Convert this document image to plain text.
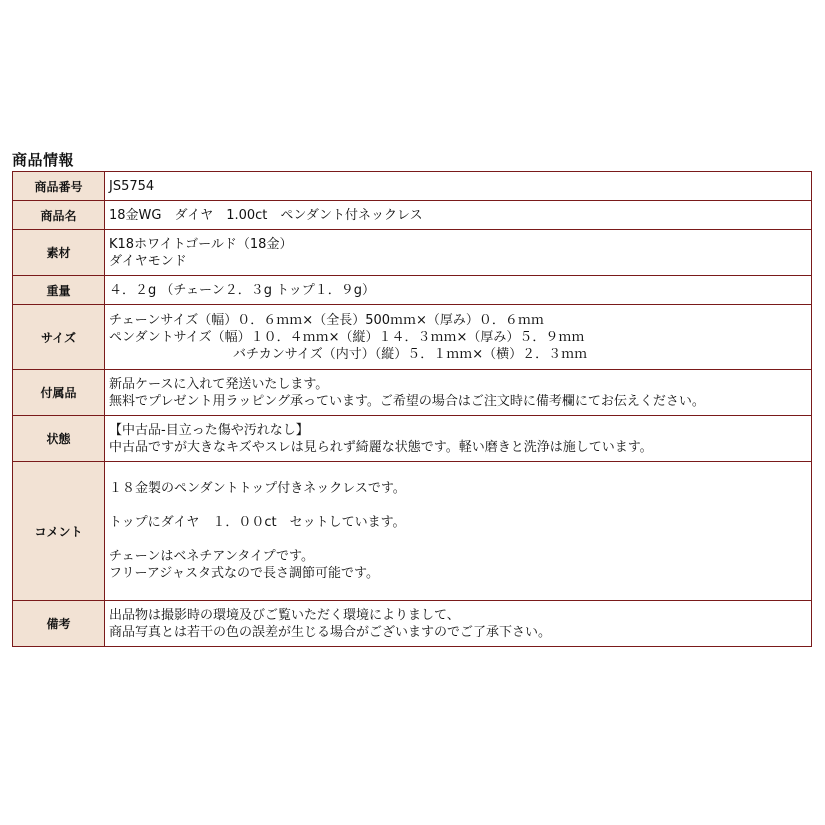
商品情報
商品番号	JS5754

商品名	18金WG　ダイヤ　1.00ct　ペンダント付ネックレス

素材	K18ホワイトゴールド（18金）
ダイヤモンド

重量	４．２g （チェーン２．３g トップ１．９g）

サイズ	チェーンサイズ（幅）０．６ｍｍ×（全長）500ｍｍ×（厚み）０．６ｍｍ
ペンダントサイズ（幅）１０．４ｍｍ×（縦）１４．３ｍｍ×（厚み）５．９ｍｍ
バチカンサイズ（内寸）（縦）５．１ｍｍ×（横）２．３ｍｍ

付属品	新品ケースに入れて発送いたします。
無料でプレゼント用ラッピング承っています。ご希望の場合はご注文時に備考欄にてお伝えください。

状態	【中古品-目立った傷や汚れなし】
中古品ですが大きなキズやスレは見られず綺麗な状態です。軽い磨きと洗浄は施しています。

コメント	１８金製のペンダントトップ付きネックレスです。
トップにダイヤ　１．００ct　セットしています。
チェーンはベネチアンタイプです。
フリーアジャスタ式なので長さ調節可能です。

備考	出品物は撮影時の環境及びご覧いただく環境によりまして、
商品写真とは若干の色の誤差が生じる場合がございますのでご了承下さい。
